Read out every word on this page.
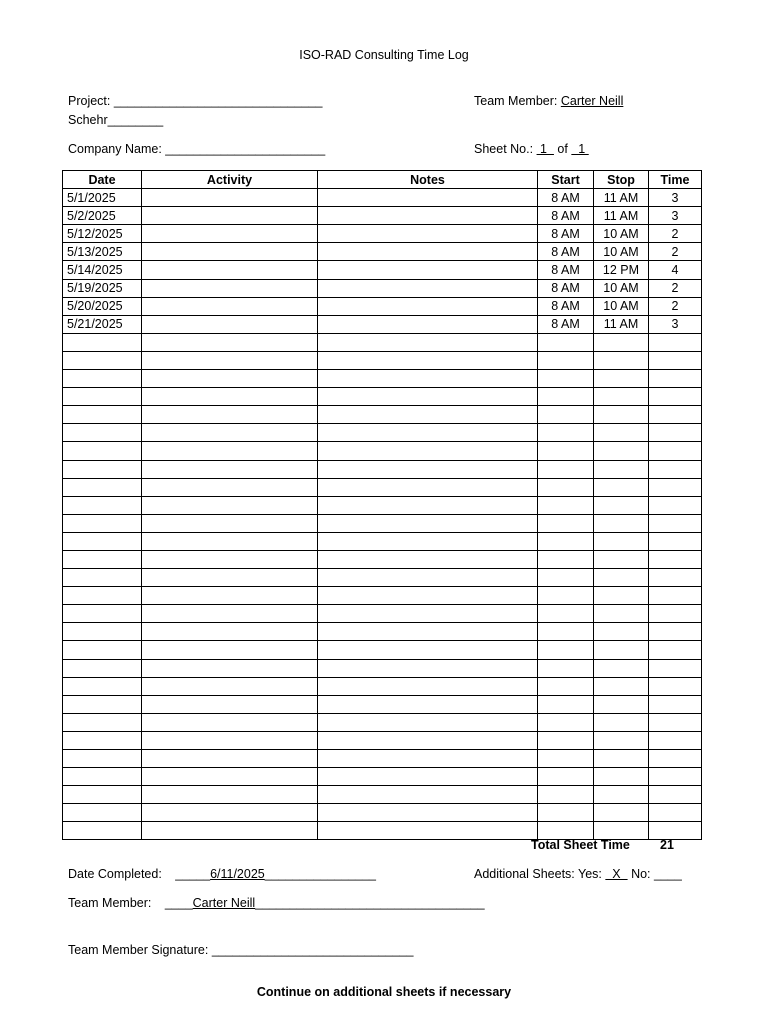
ISO-RAD Consulting Time Log
Project: ______________________________
Schehr________
Team Member: Carter Neill
Company Name: _______________________	Sheet No.:  1   of   1
Date	Activity	Notes	Start	Stop	Time
5/1/2025			8 AM	11 AM	3
5/2/2025			8 AM	11 AM	3
5/12/2025			8 AM	10 AM	2
5/13/2025			8 AM	10 AM	2
5/14/2025			8 AM	12 PM	4
5/19/2025			8 AM	10 AM	2
5/20/2025			8 AM	10 AM	2
5/21/2025			8 AM	11 AM	3

Total Sheet Time 21
Date Completed: _____6/11/2025________________	Additional Sheets: Yes:   X   No: ____
Team Member: ____Carter Neill_________________________________
Team Member Signature: _____________________________
Continue on additional sheets if necessary
